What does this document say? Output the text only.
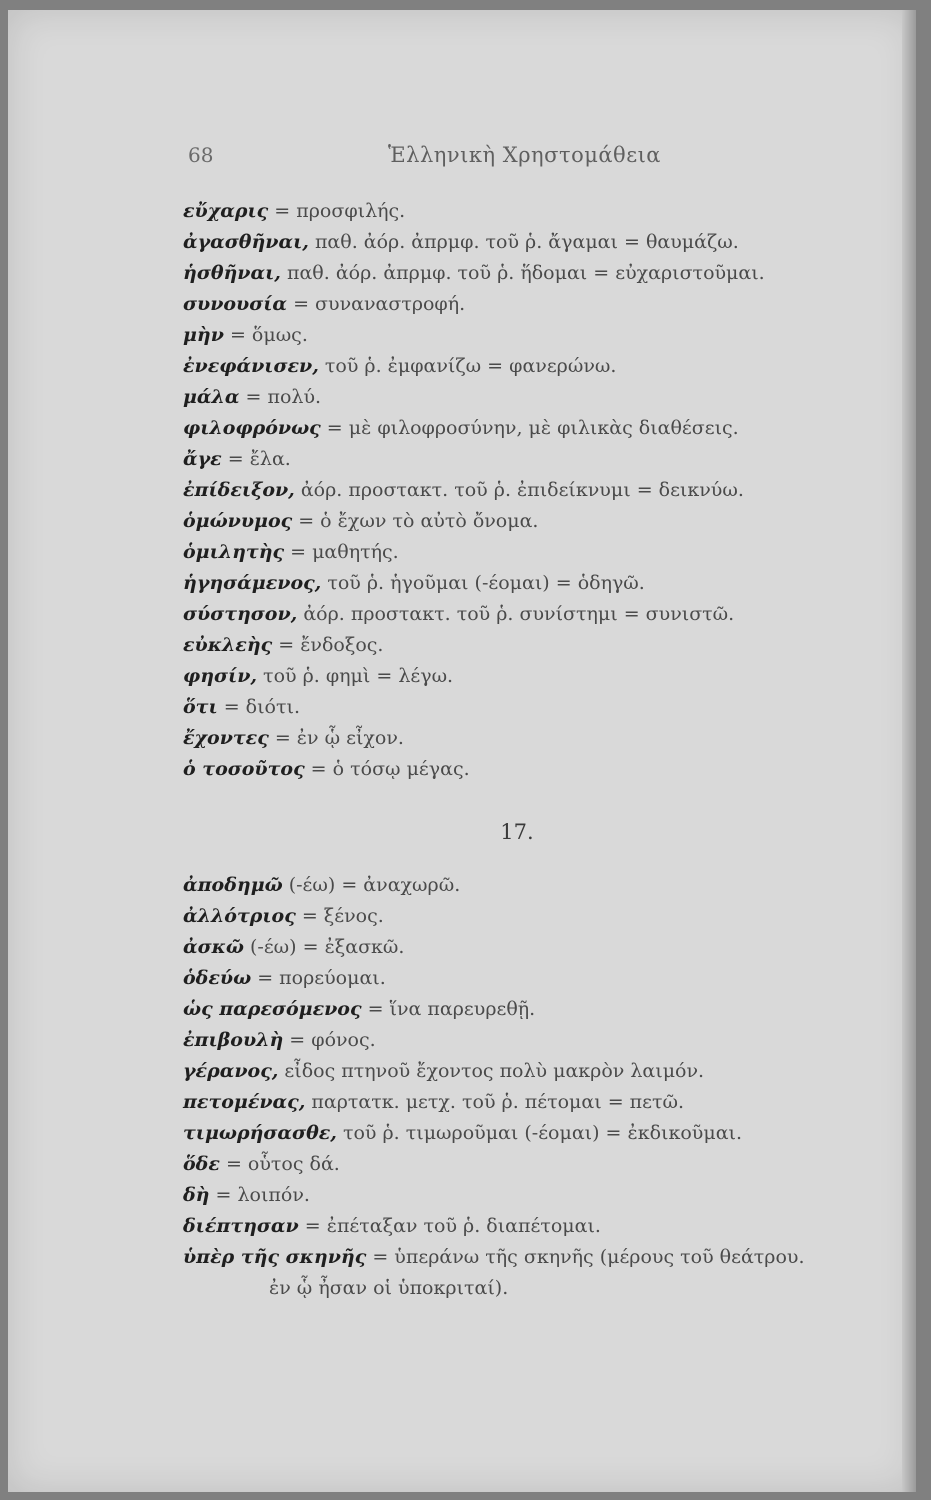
68	Ἑλληνικὴ Χρηστομάθεια
εὔχαρις = προσφιλής.
ἀγασθῆναι, παθ. ἀόρ. ἀπρμφ. τοῦ ῥ. ἄγαμαι = θαυμάζω.
ἡσθῆναι, παθ. ἀόρ. ἀπρμφ. τοῦ ῥ. ἥδομαι = εὐχαριστοῦμαι.
συνουσία = συναναστροφή.
μὴν = ὅμως.
ἐνεφάνισεν, τοῦ ῥ. ἐμφανίζω = φανερώνω.
μάλα = πολύ.
φιλοφρόνως = μὲ φιλοφροσύνην, μὲ φιλικὰς διαθέσεις.
ἄγε = ἔλα.
ἐπίδειξον, ἀόρ. προστακτ. τοῦ ῥ. ἐπιδείκνυμι = δεικνύω.
ὁμώνυμος = ὁ ἔχων τὸ αὐτὸ ὄνομα.
ὁμιλητὴς = μαθητής.
ἡγησάμενος, τοῦ ῥ. ἡγοῦμαι (-έομαι) = ὁδηγῶ.
σύστησον, ἀόρ. προστακτ. τοῦ ῥ. συνίστημι = συνιστῶ.
εὐκλεὴς = ἔνδοξος.
φησίν, τοῦ ῥ. φημὶ = λέγω.
ὅτι = διότι.
ἔχοντες = ἐν ᾧ εἶχον.
ὁ τοσοῦτος = ὁ τόσῳ μέγας.
17.
ἀποδημῶ (-έω) = ἀναχωρῶ.
ἀλλότριος = ξένος.
ἀσκῶ (-έω) = ἐξασκῶ.
ὁδεύω = πορεύομαι.
ὡς παρεσόμενος = ἵνα παρευρεθῇ.
ἐπιβουλὴ = φόνος.
γέρανος, εἶδος πτηνοῦ ἔχοντος πολὺ μακρὸν λαιμόν.
πετομένας, παρτατκ. μετχ. τοῦ ῥ. πέτομαι = πετῶ.
τιμωρήσασθε, τοῦ ῥ. τιμωροῦμαι (-έομαι) = ἐκδικοῦμαι.
ὅδε = οὗτος δά.
δὴ = λοιπόν.
διέπτησαν = ἐπέταξαν τοῦ ῥ. διαπέτομαι.
ὑπὲρ τῆς σκηνῆς = ὑπεράνω τῆς σκηνῆς (μέρους τοῦ θεάτρου.
ἐν ᾧ ἦσαν οἱ ὑποκριταί).
